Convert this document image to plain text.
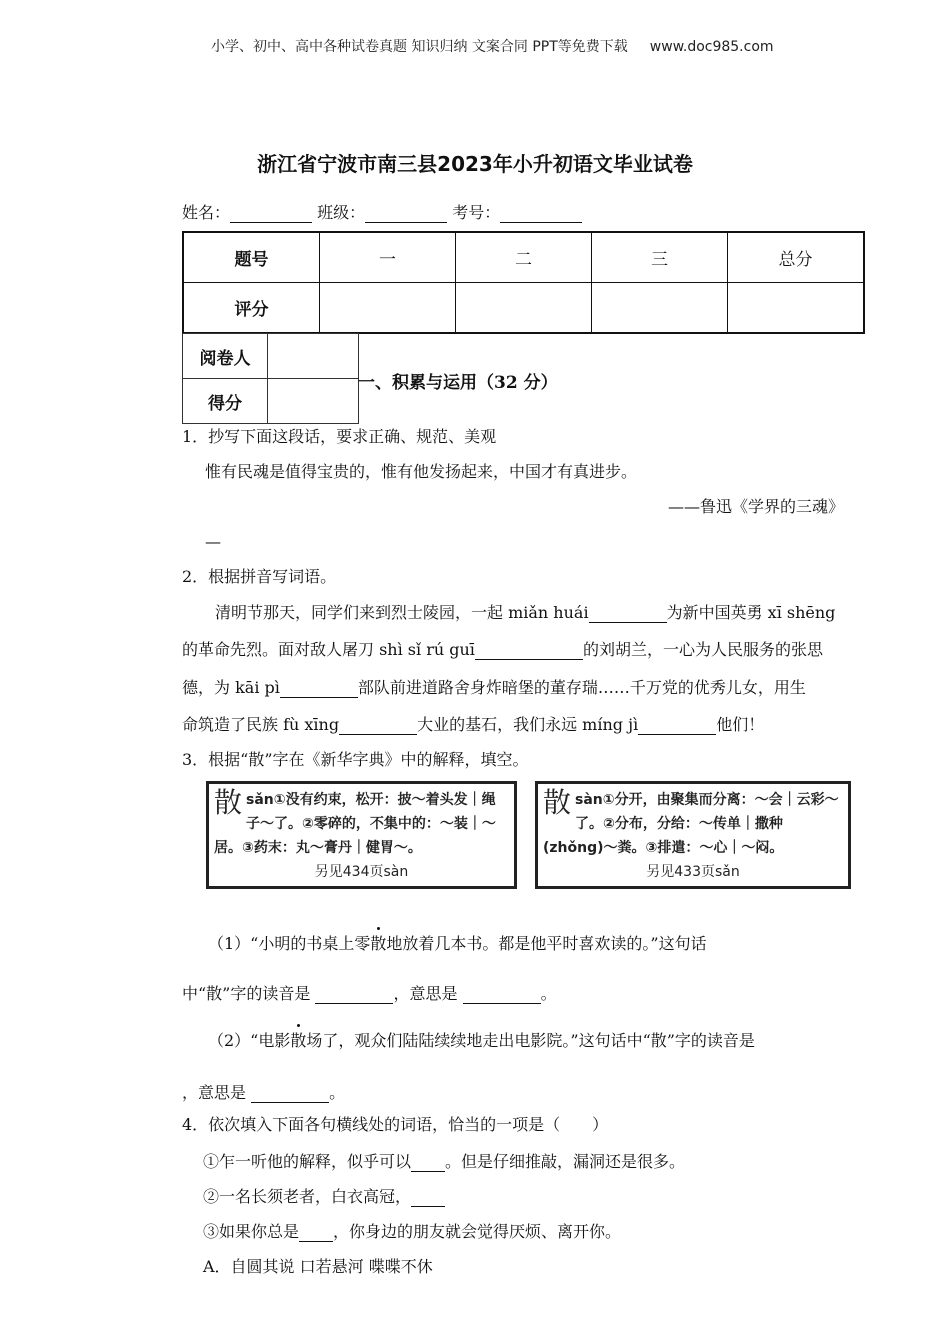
小学、初中、高中各种试卷真题 知识归纳 文案合同 PPT等免费下载 www.doc985.com
浙江省宁波市南三县2023年小升初语文毕业试卷
姓名：	班级：	考号：
题号	一	二	三	总分
评分				
阅卷人	
得分	
一、积累与运用（32 分）
1．抄写下面这段话，要求正确、规范、美观
惟有民魂是值得宝贵的，惟有他发扬起来，中国才有真进步。
——鲁迅《学界的三魂》
—
2．根据拼音写词语。
清明节那天，同学们来到烈士陵园，一起 miǎn huái	为新中国英勇 xī shēng
的革命先烈。面对敌人屠刀 shì sǐ rú guī	的刘胡兰，一心为人民服务的张思
德，为 kāi pì	部队前进道路舍身炸暗堡的董存瑞……千万党的优秀儿女，用生
命筑造了民族 fù xīng	大业的基石，我们永远 míng jì	他们！
3．根据“散”字在《新华字典》中的解释，填空。
散 sǎn①没有约束，松开：披～着头发｜绳子～了。②零碎的，不集中的：～装｜～居。③药末：丸～膏丹｜健胃～。
另见434页sàn
散 sàn①分开，由聚集而分离：～会｜云彩～了。②分布，分给：～传单｜撒种(zhǒng)～粪。③排遣：～心｜～闷。
另见433页sǎn
（1）“小明的书桌上零散地放着几本书。都是他平时喜欢读的。”这句话
中“散”字的读音是	，意思是	。
（2）“电影散场了，观众们陆陆续续地走出电影院。”这句话中“散”字的读音是
，意思是	。
4．依次填入下面各句横线处的词语，恰当的一项是（　　）
①乍一听他的解释，似乎可以 。但是仔细推敲，漏洞还是很多。
②一名长须老者，白衣高冠，
③如果你总是 ，你身边的朋友就会觉得厌烦、离开你。
A．自圆其说 口若悬河 喋喋不休
